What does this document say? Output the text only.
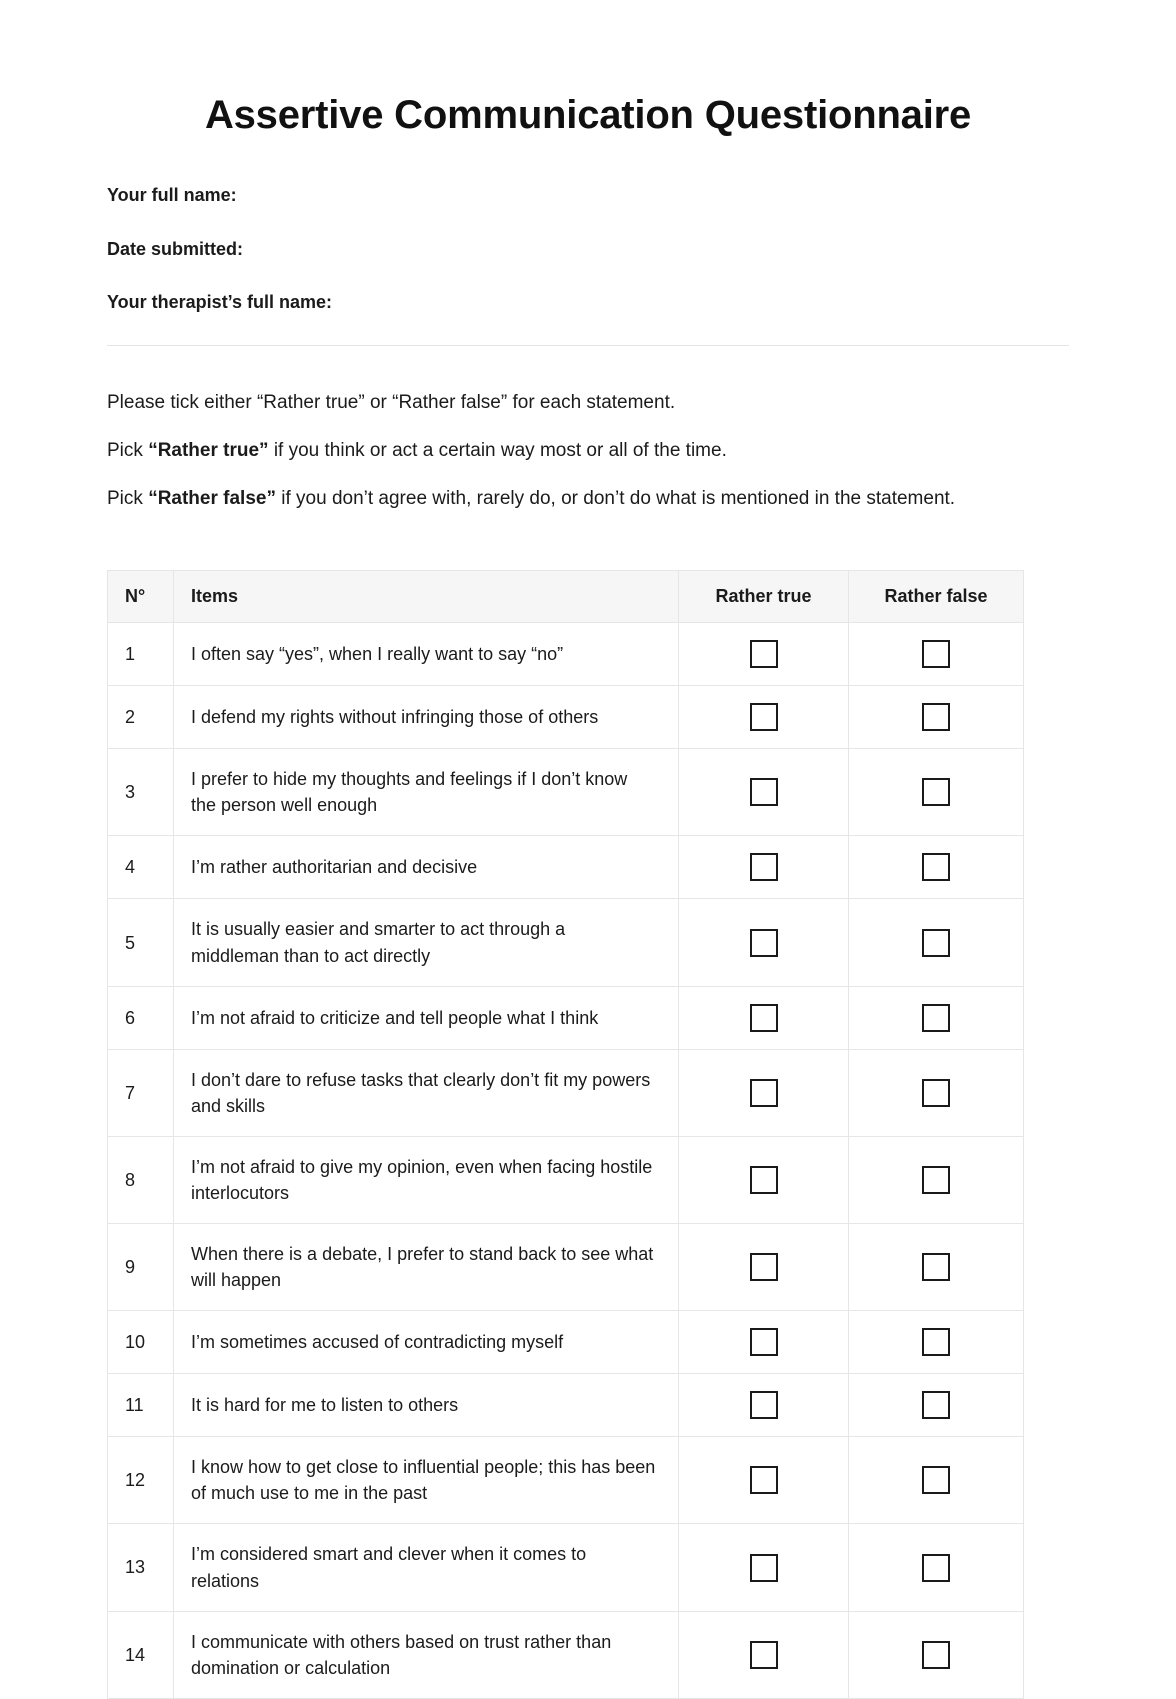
Assertive Communication Questionnaire
Your full name:
Date submitted:
Your therapist’s full name:

Please tick either “Rather true” or “Rather false” for each statement.

Pick “Rather true” if you think or act a certain way most or all of the time.

Pick “Rather false” if you don’t agree with, rarely do, or don’t do what is mentioned in the statement.

N°	Items	Rather true	Rather false
1	I often say “yes”, when I really want to say “no”		
2	I defend my rights without infringing those of others		
3	I prefer to hide my thoughts and feelings if I don’t know the person well enough		
4	I’m rather authoritarian and decisive		
5	It is usually easier and smarter to act through a middleman than to act directly		
6	I’m not afraid to criticize and tell people what I think		
7	I don’t dare to refuse tasks that clearly don’t fit my powers and skills		
8	I’m not afraid to give my opinion, even when facing hostile interlocutors		
9	When there is a debate, I prefer to stand back to see what will happen		
10	I’m sometimes accused of contradicting myself		
11	It is hard for me to listen to others		
12	I know how to get close to influential people; this has been of much use to me in the past		
13	I’m considered smart and clever when it comes to relations		
14	I communicate with others based on trust rather than domination or calculation		
